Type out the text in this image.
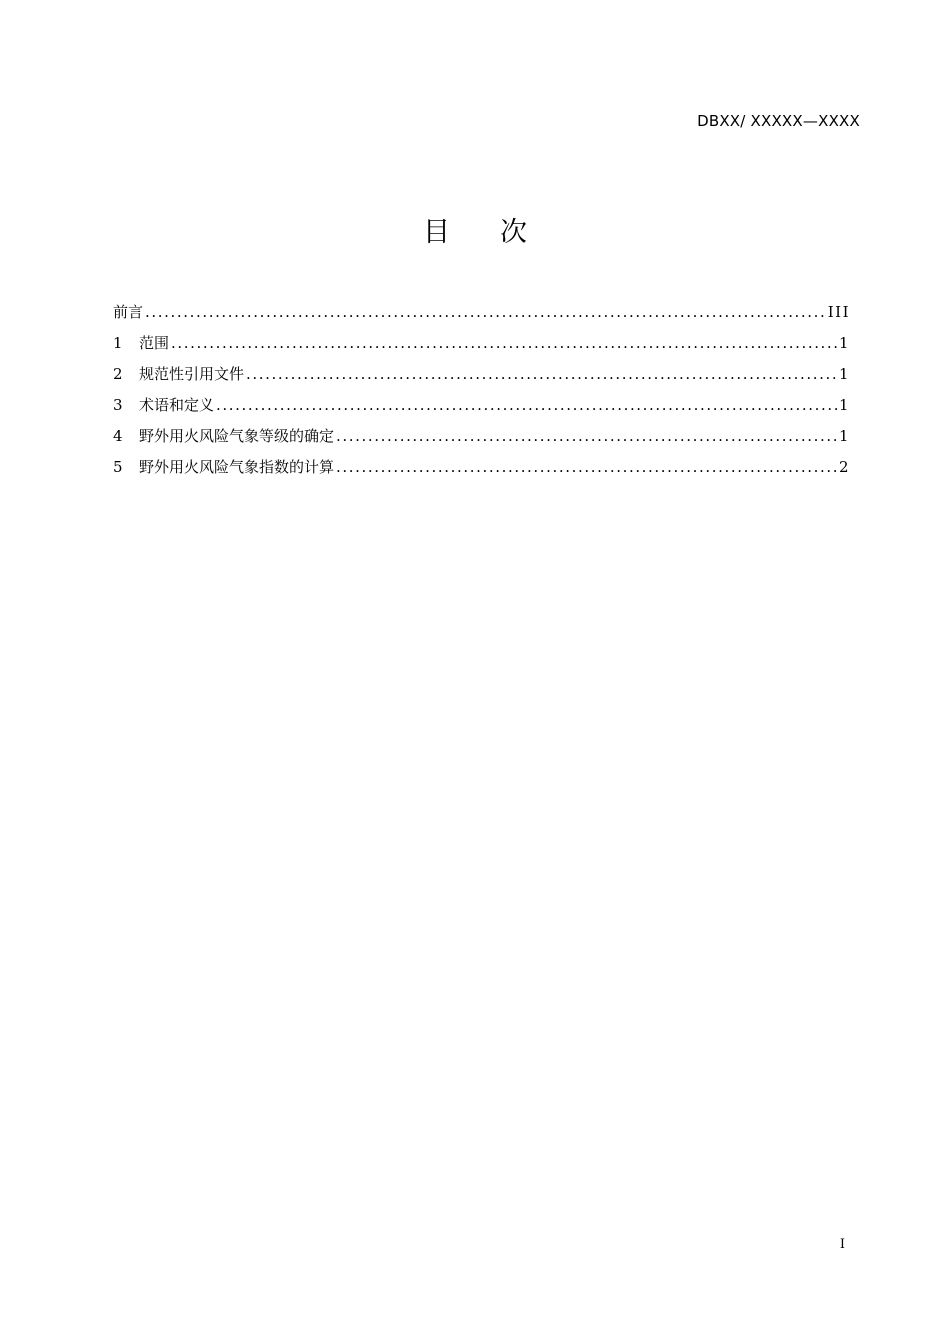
DBXX/ XXXXX—XXXX
目次
前言 .....	III
1	范围 .....	1
2	规范性引用文件 .....	1
3	术语和定义 .....	1
4	野外用火风险气象等级的确定 .....	1
5	野外用火风险气象指数的计算 .....	2
I
